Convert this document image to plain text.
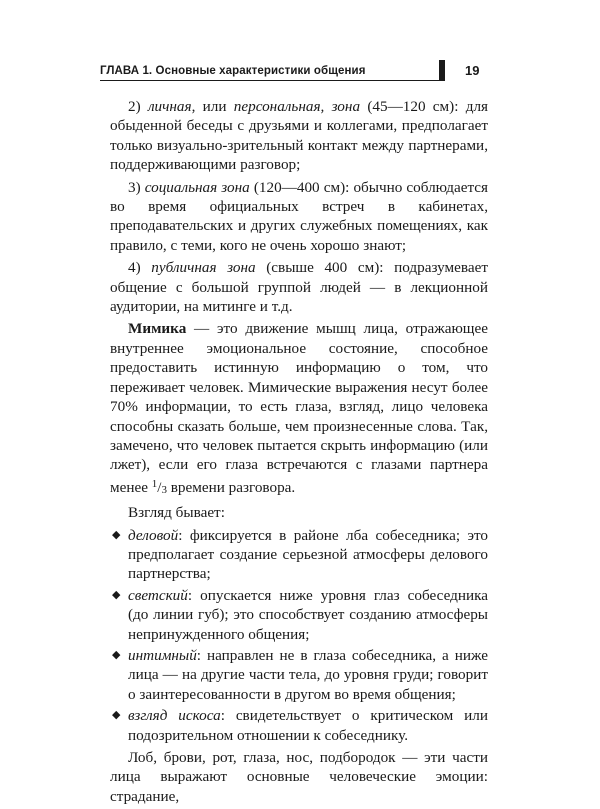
ГЛАВА 1. Основные характеристики общения	19

2) личная, или персональная, зона (45—120 см): для обыденной беседы с друзьями и коллегами, предполагает только визуально-зрительный контакт между партнерами, поддерживающими разговор;

3) социальная зона (120—400 см): обычно соблюдается во время официальных встреч в кабинетах, преподавательских и других служебных помещениях, как правило, с теми, кого не очень хорошо знают;

4) публичная зона (свыше 400 см): подразумевает общение с большой группой людей — в лекционной аудитории, на митинге и т.д.

Мимика — это движение мышц лица, отражающее внутреннее эмоциональное состояние, способное предоставить истинную информацию о том, что переживает человек. Мимические выражения несут более 70% информации, то есть глаза, взгляд, лицо человека способны сказать больше, чем произнесенные слова. Так, замечено, что человек пытается скрыть информацию (или лжет), если его глаза встречаются с глазами партнера менее $^1$/3 времени разговора.

Взгляд бывает:

◆ деловой: фиксируется в районе лба собеседника; это предполагает создание серьезной атмосферы делового партнерства;
◆ светский: опускается ниже уровня глаз собеседника (до линии губ); это способствует созданию атмосферы непринужденного общения;
◆ интимный: направлен не в глаза собеседника, а ниже лица — на другие части тела, до уровня груди; говорит о заинтересованности в другом во время общения;
◆ взгляд искоса: свидетельствует о критическом или подозрительном отношении к собеседнику.

Лоб, брови, рот, глаза, нос, подбородок — эти части лица выражают основные человеческие эмоции: страдание,
